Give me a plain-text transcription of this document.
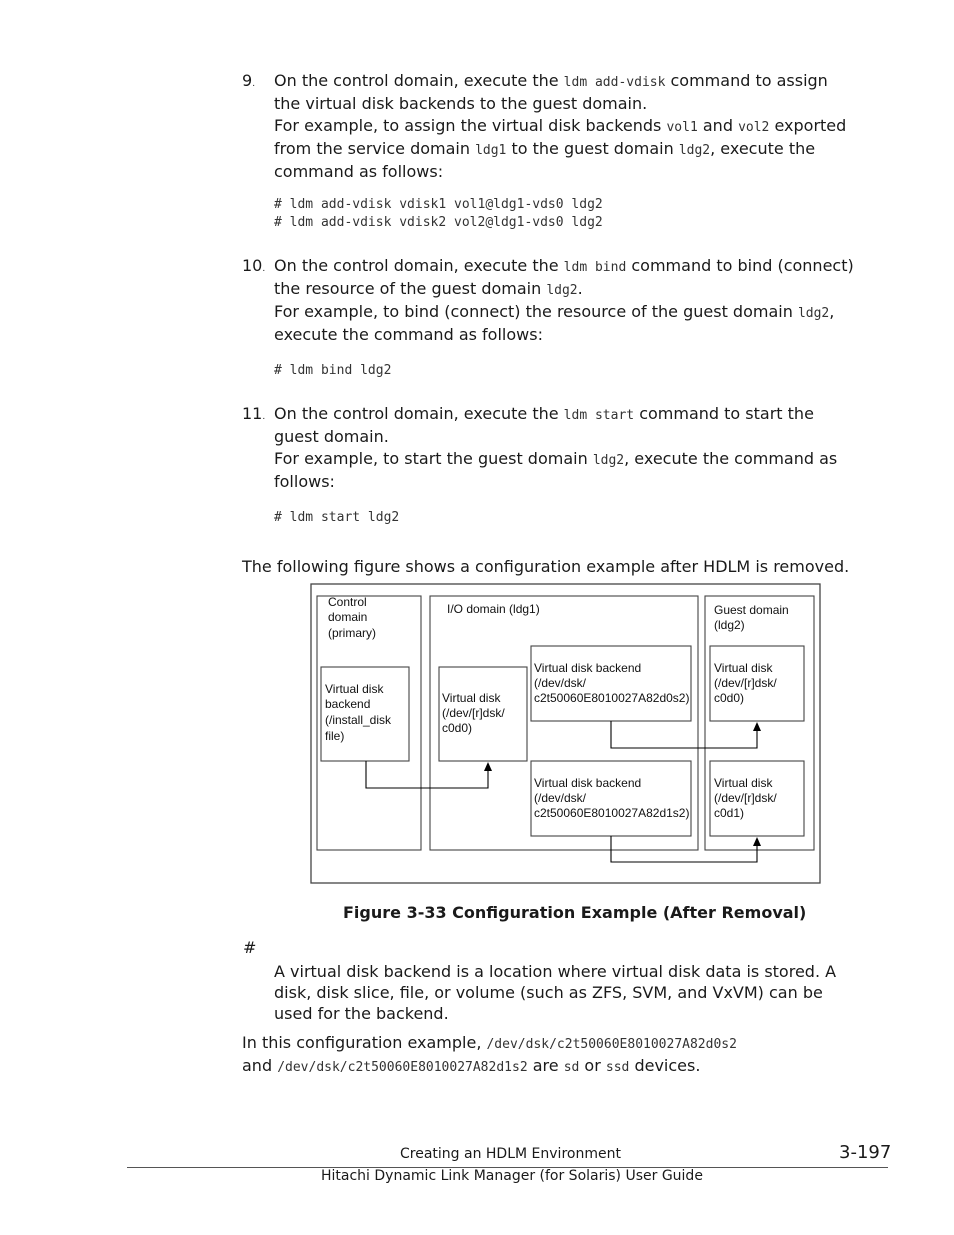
9. On the control domain, execute the ldm add-vdisk command to assign
the virtual disk backends to the guest domain.
For example, to assign the virtual disk backends vol1 and vol2 exported
from the service domain ldg1 to the guest domain ldg2, execute the
command as follows:
# ldm add-vdisk vdisk1 vol1@ldg1-vds0 ldg2
# ldm add-vdisk vdisk2 vol2@ldg1-vds0 ldg2
10. On the control domain, execute the ldm bind command to bind (connect)
the resource of the guest domain ldg2.
For example, to bind (connect) the resource of the guest domain ldg2,
execute the command as follows:
# ldm bind ldg2
11. On the control domain, execute the ldm start command to start the
guest domain.
For example, to start the guest domain ldg2, execute the command as
follows:
# ldm start ldg2
The following figure shows a configuration example after HDLM is removed.
Control
domain
(primary)
I/O domain (ldg1)	Guest domain
(ldg2)
Virtual disk
backend
(/install_disk
file)
Virtual disk
(/dev/[r]dsk/
c0d0)
Virtual disk backend
(/dev/dsk/
c2t50060E8010027A82d0s2)
Virtual disk backend
(/dev/dsk/
c2t50060E8010027A82d1s2)
Virtual disk
(/dev/[r]dsk/
c0d0)
Virtual disk
(/dev/[r]dsk/
c0d1)
Figure 3-33 Configuration Example (After Removal)
#
A virtual disk backend is a location where virtual disk data is stored. A
disk, disk slice, file, or volume (such as ZFS, SVM, and VxVM) can be
used for the backend.
In this configuration example, /dev/dsk/c2t50060E8010027A82d0s2
and /dev/dsk/c2t50060E8010027A82d1s2 are sd or ssd devices.
Creating an HDLM Environment	3-197
Hitachi Dynamic Link Manager (for Solaris) User Guide
